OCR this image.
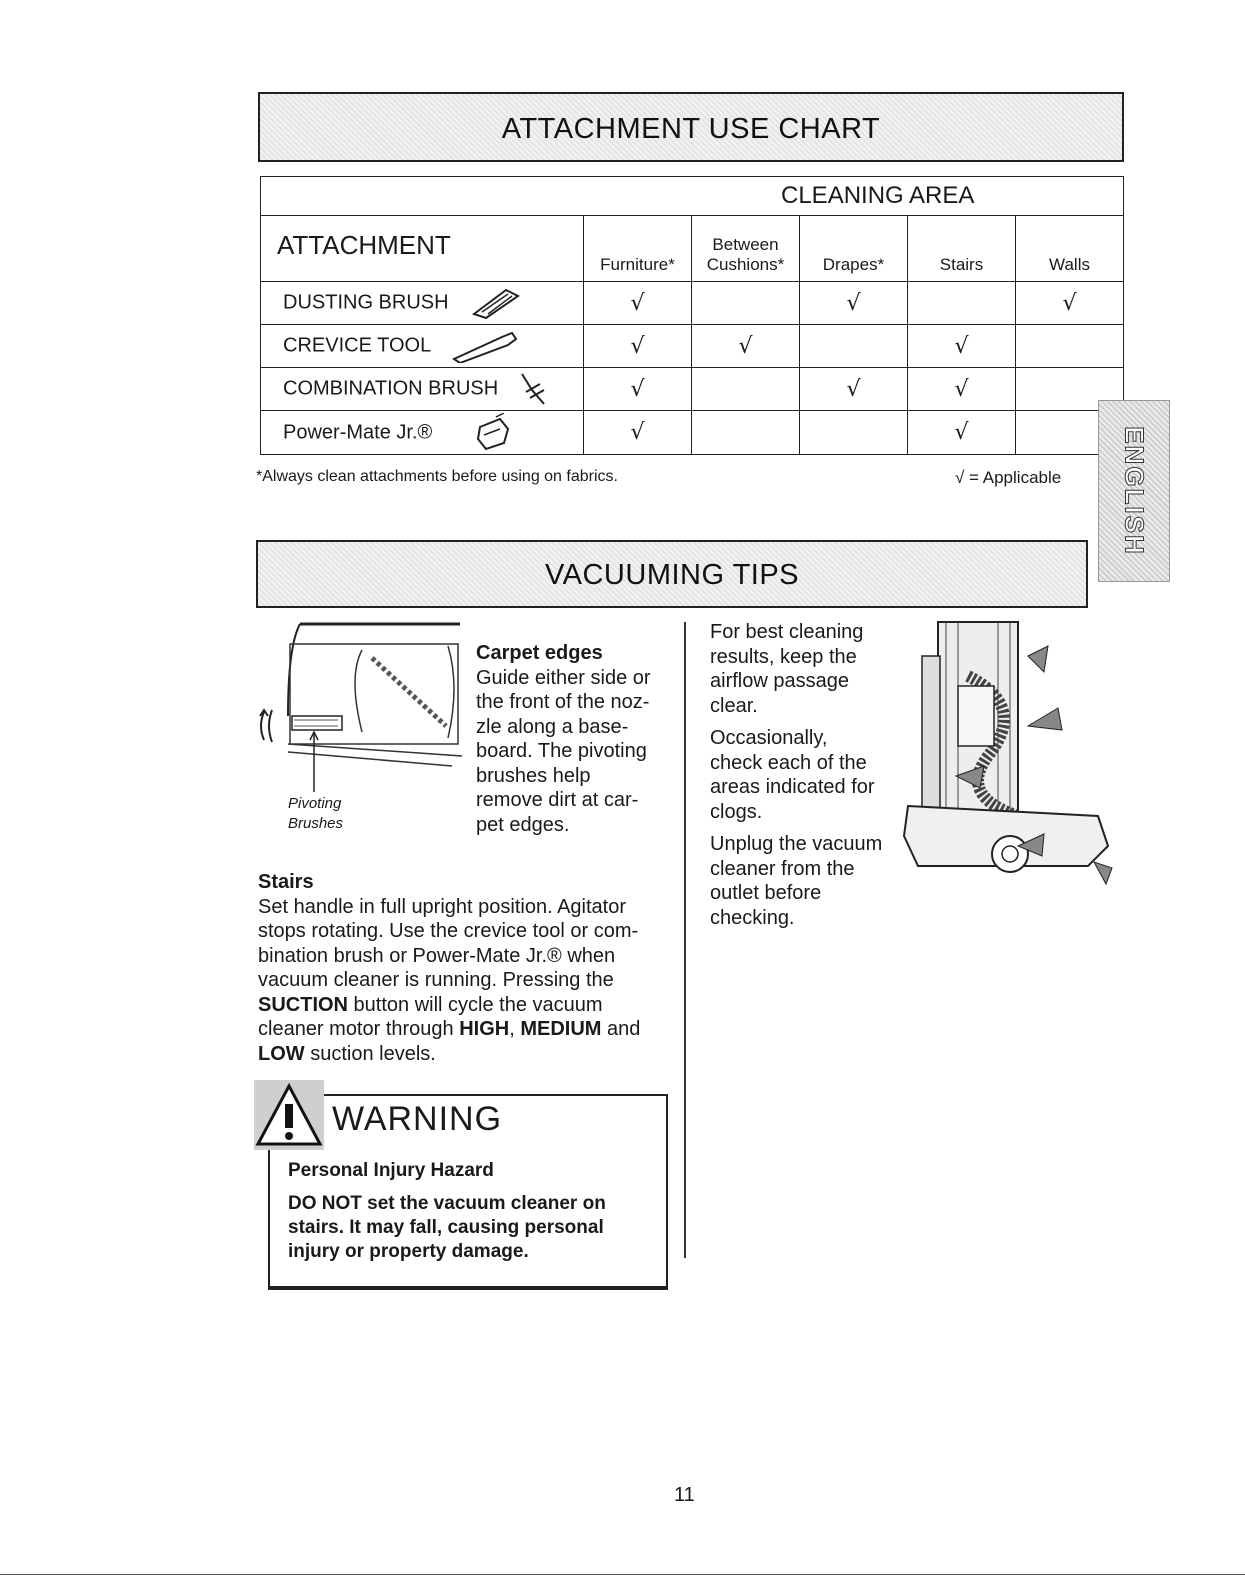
ATTACHMENT USE CHART
CLEANING AREA					
ATTACHMENT	Furniture*	Between
Cushions*	Drapes*	Stairs	Walls
DUSTING BRUSH	√		√		√
CREVICE TOOL	√	√		√	
COMBINATION BRUSH	√		√	√	
Power-Mate Jr.®	√			√	
*Always clean attachments before using on fabrics.	√ = Applicable ENGLISH
VACUUMING TIPS
Pivoting
Brushes
Carpet edges
Guide either side or
the front of the noz-
zle along a base-
board. The pivoting
brushes help
remove dirt at car-
pet edges.
Stairs
Set handle in full upright position. Agitator
stops rotating. Use the crevice tool or com-
bination brush or Power-Mate Jr.® when
vacuum cleaner is running. Pressing the
SUCTION button will cycle the vacuum
cleaner motor through HIGH, MEDIUM and
LOW suction levels.
WARNING
Personal Injury Hazard
DO NOT set the vacuum cleaner on
stairs. It may fall, causing personal
injury or property damage.
For best cleaning
results, keep the
airflow passage
clear.
Occasionally,
check each of the
areas indicated for
clogs.
Unplug the vacuum
cleaner from the
outlet before
checking.
11
